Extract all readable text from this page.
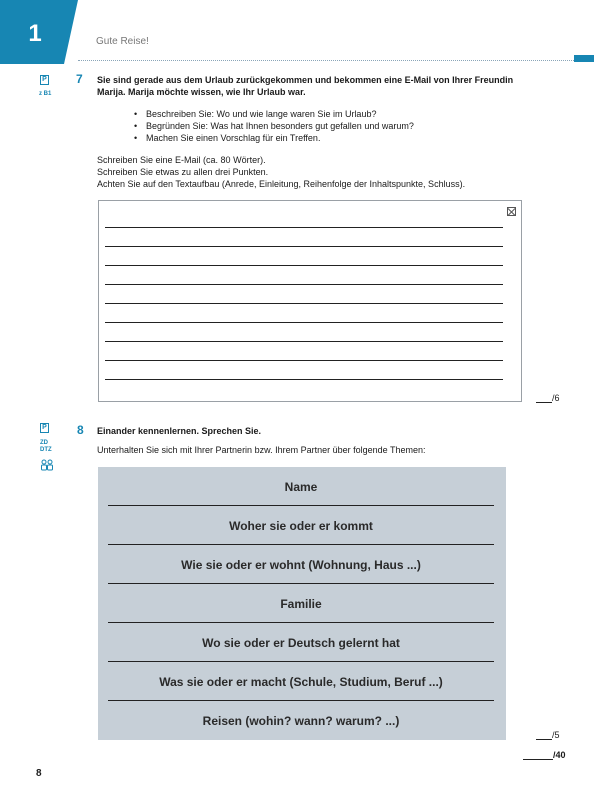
1	Gute Reise!
P
z B1
7 Sie sind gerade aus dem Urlaub zurückgekommen und bekommen eine E-Mail von Ihrer Freundin
Marija. Marija möchte wissen, wie Ihr Urlaub war.
• Beschreiben Sie: Wo und wie lange waren Sie im Urlaub?
• Begründen Sie: Was hat Ihnen besonders gut gefallen und warum?
• Machen Sie einen Vorschlag für ein Treffen.
Schreiben Sie eine E-Mail (ca. 80 Wörter).
Schreiben Sie etwas zu allen drei Punkten.
Achten Sie auf den Textaufbau (Anrede, Einleitung, Reihenfolge der Inhaltspunkte, Schluss).
/6
P
ZD
DTZ
8 Einander kennenlernen. Sprechen Sie.
Unterhalten Sie sich mit Ihrer Partnerin bzw. Ihrem Partner über folgende Themen:
Name
Woher sie oder er kommt
Wie sie oder er wohnt (Wohnung, Haus ...)
Familie
Wo sie oder er Deutsch gelernt hat
Was sie oder er macht (Schule, Studium, Beruf ...)
Reisen (wohin? wann? warum? ...)
/5
/40
8
